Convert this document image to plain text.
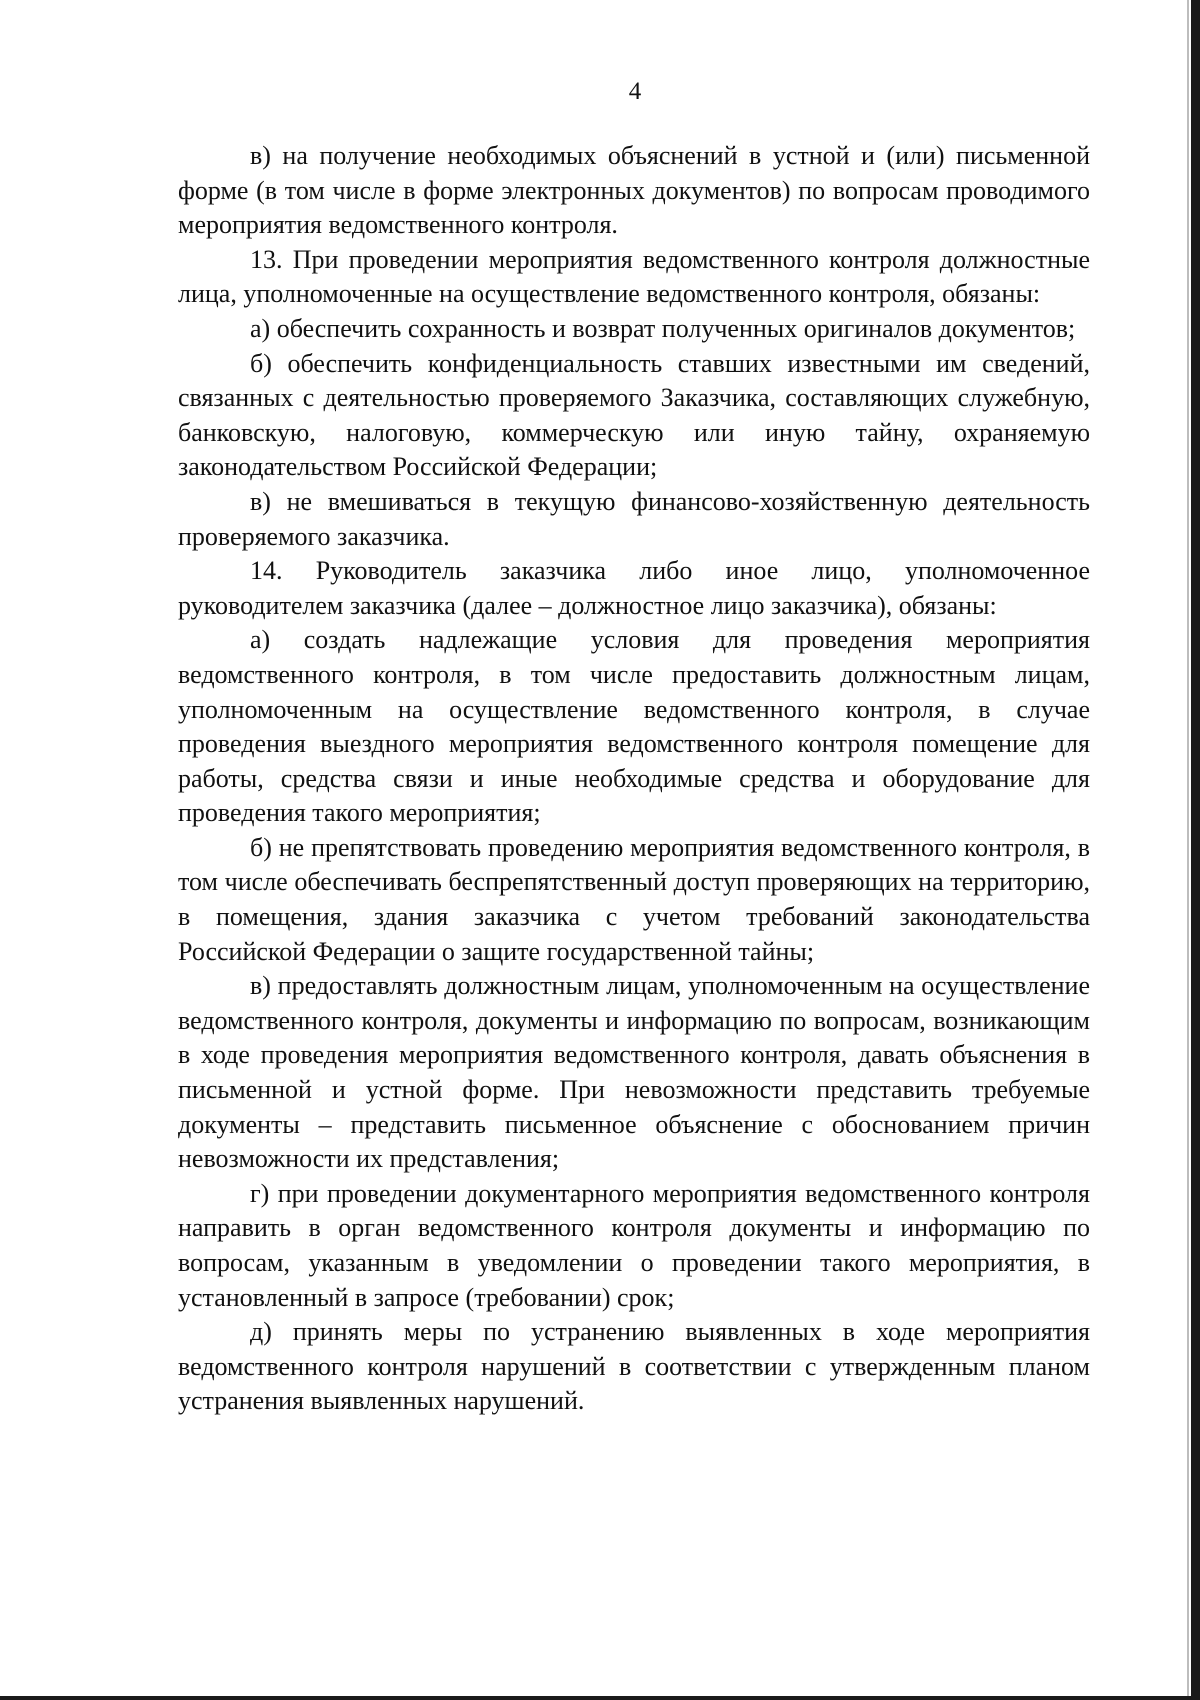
4

в) на получение необходимых объяснений в устной и (или) письменной форме (в том числе в форме электронных документов) по вопросам проводимого мероприятия ведомственного контроля.

13. При проведении мероприятия ведомственного контроля должностные лица, уполномоченные на осуществление ведомственного контроля, обязаны:

а) обеспечить сохранность и возврат полученных оригиналов документов;

б) обеспечить конфиденциальность ставших известными им сведений, связанных с деятельностью проверяемого Заказчика, составляющих служебную, банковскую, налоговую, коммерческую или иную тайну, охраняемую законодательством Российской Федерации;

в) не вмешиваться в текущую финансово-хозяйственную деятельность проверяемого заказчика.

14. Руководитель заказчика либо иное лицо, уполномоченное руководителем заказчика (далее – должностное лицо заказчика), обязаны:

а) создать надлежащие условия для проведения мероприятия ведомственного контроля, в том числе предоставить должностным лицам, уполномоченным на осуществление ведомственного контроля, в случае проведения выездного мероприятия ведомственного контроля помещение для работы, средства связи и иные необходимые средства и оборудование для проведения такого мероприятия;

б) не препятствовать проведению мероприятия ведомственного контроля, в том числе обеспечивать беспрепятственный доступ проверяющих на территорию, в помещения, здания заказчика с учетом требований законодательства Российской Федерации о защите государственной тайны;

в) предоставлять должностным лицам, уполномоченным на осуществление ведомственного контроля, документы и информацию по вопросам, возникающим в ходе проведения мероприятия ведомственного контроля, давать объяснения в письменной и устной форме. При невозможности представить требуемые документы – представить письменное объяснение с обоснованием причин невозможности их представления;

г) при проведении документарного мероприятия ведомственного контроля направить в орган ведомственного контроля документы и информацию по вопросам, указанным в уведомлении о проведении такого мероприятия, в установленный в запросе (требовании) срок;

д) принять меры по устранению выявленных в ходе мероприятия ведомственного контроля нарушений в соответствии с утвержденным планом устранения выявленных нарушений.
